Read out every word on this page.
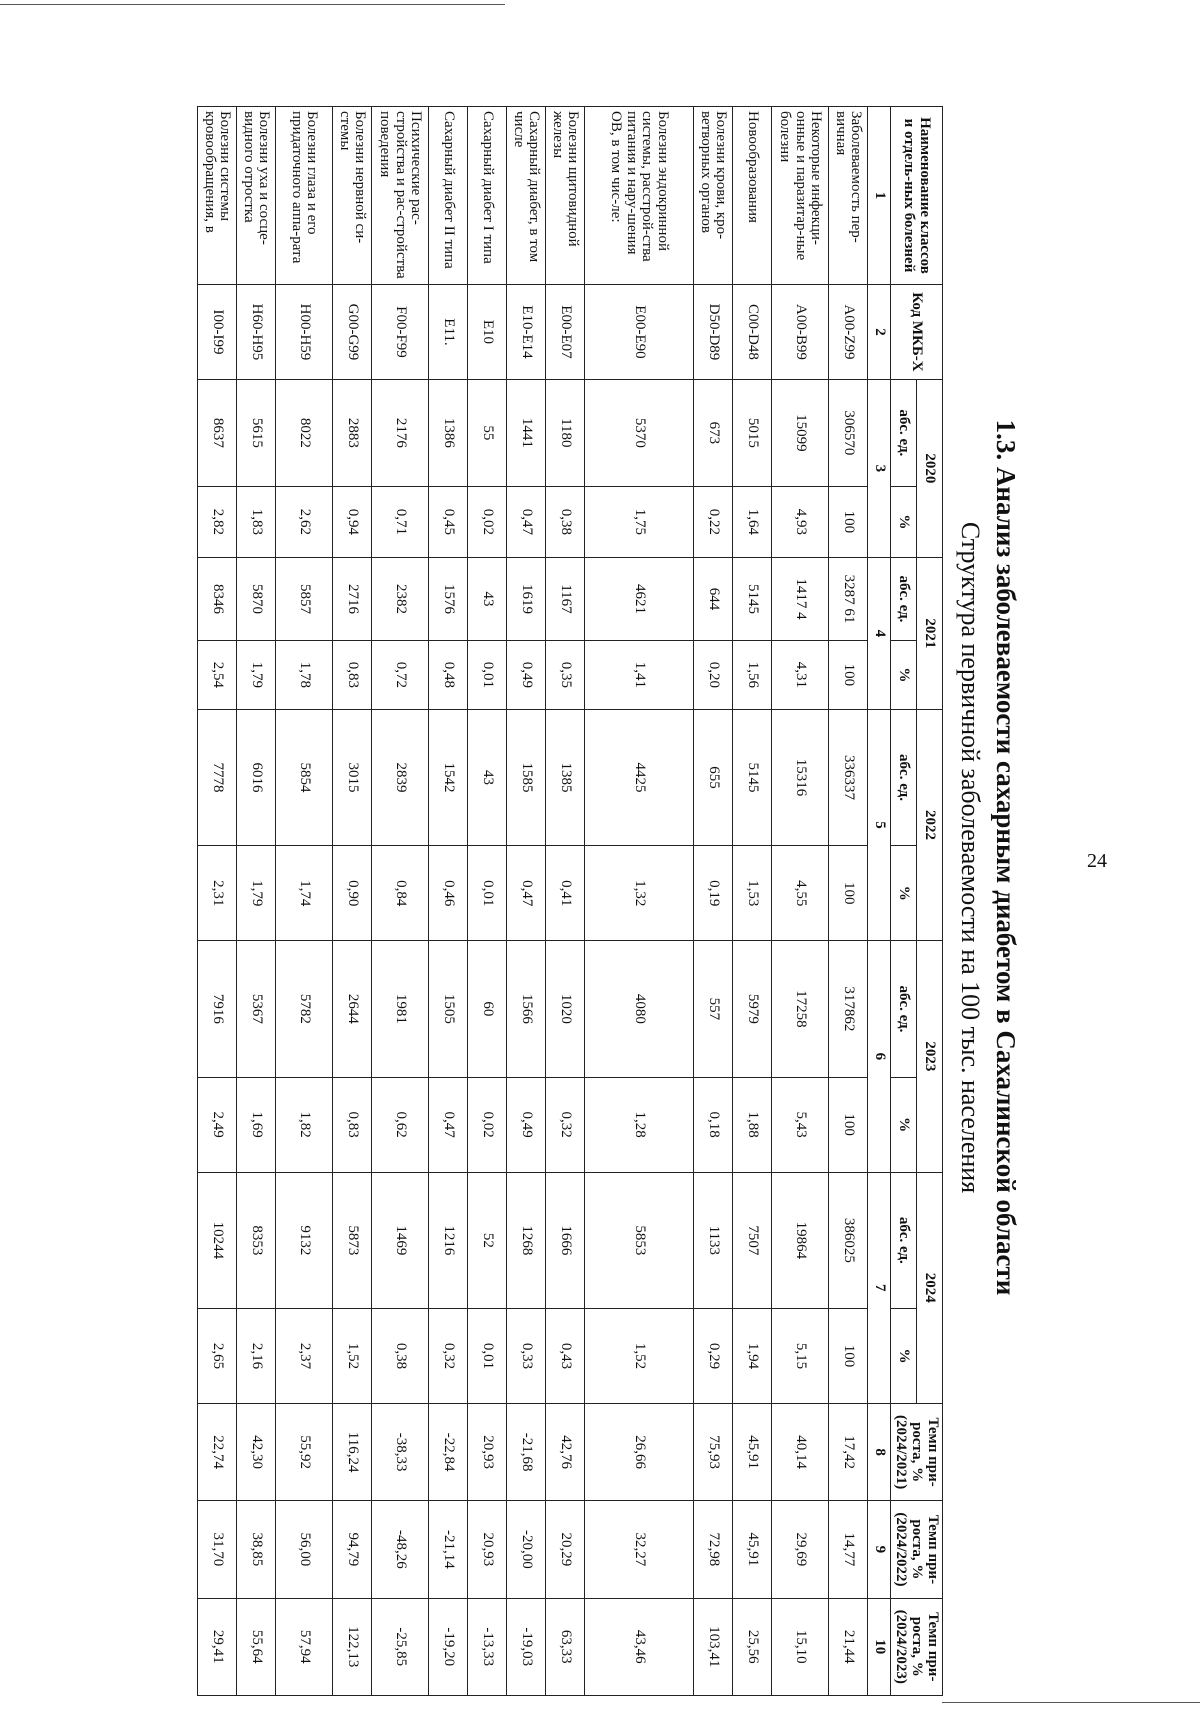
24
1.3. Анализ заболеваемости сахарным диабетом в Сахалинской области
Структура первичной заболеваемости на 100 тыс. населения
Наименование классов и отдель-ных болезней	Код МКБ-X	2020		2021		2022		2023		2024		Темп при-роста, % (2024/2021)	Темп при-роста, % (2024/2022)	Темп при-роста, % (2024/2023)
		абс. ед.	%	абс. ед.	%	абс. ед.	%	абс. ед.	%	абс. ед.	%			
1	2	3		4		5		6		7		8	9	10
Заболеваемость пер-вичная	A00-Z99	306570	100	3287 61	100	336337	100	317862	100	386025	100	17,42	14,77	21,44
Некоторые инфекци-онные и паразитар-ные болезни	A00-B99	15099	4,93	1417 4	4,31	15316	4,55	17258	5,43	19864	5,15	40,14	29,69	15,10
Новообразования	C00-D48	5015	1,64	5145	1,56	5145	1,53	5979	1,88	7507	1,94	45,91	45,91	25,56
Болезни крови, кро-ветворных органов	D50-D89	673	0,22	644	0,20	655	0,19	557	0,18	1133	0,29	75,93	72,98	103,41
Болезни эндокринной системы, расстрой-ства питания и нару-шения ОВ, в том чис-ле:	E00-E90	5370	1,75	4621	1,41	4425	1,32	4080	1,28	5853	1,52	26,66	32,27	43,46
Болезни щитовидной железы	E00-E07	1180	0,38	1167	0,35	1385	0,41	1020	0,32	1666	0,43	42,76	20,29	63,33
Сахарный диабет, в том числе	E10-E14	1441	0,47	1619	0,49	1585	0,47	1566	0,49	1268	0,33	-21,68	-20,00	-19,03
Сахарный диабет I типа	E10	55	0,02	43	0,01	43	0,01	60	0,02	52	0,01	20,93	20,93	-13,33
Сахарный диабет II типа	E11.	1386	0,45	1576	0,48	1542	0,46	1505	0,47	1216	0,32	-22,84	-21,14	-19,20
Психические рас-стройства и рас-стройства поведения	F00-F99	2176	0,71	2382	0,72	2839	0,84	1981	0,62	1469	0,38	-38,33	-48,26	-25,85
Болезни нервной си-стемы	G00-G99	2883	0,94	2716	0,83	3015	0,90	2644	0,83	5873	1,52	116,24	94,79	122,13
Болезни глаза и его придаточного аппа-рата	H00-H59	8022	2,62	5857	1,78	5854	1,74	5782	1,82	9132	2,37	55,92	56,00	57,94
Болезни уха и сосце-видного отростка	H60-H95	5615	1,83	5870	1,79	6016	1,79	5367	1,69	8353	2,16	42,30	38,85	55,64
Болезни системы кровообращения, в	I00-I99	8637	2,82	8346	2,54	7778	2,31	7916	2,49	10244	2,65	22,74	31,70	29,41
